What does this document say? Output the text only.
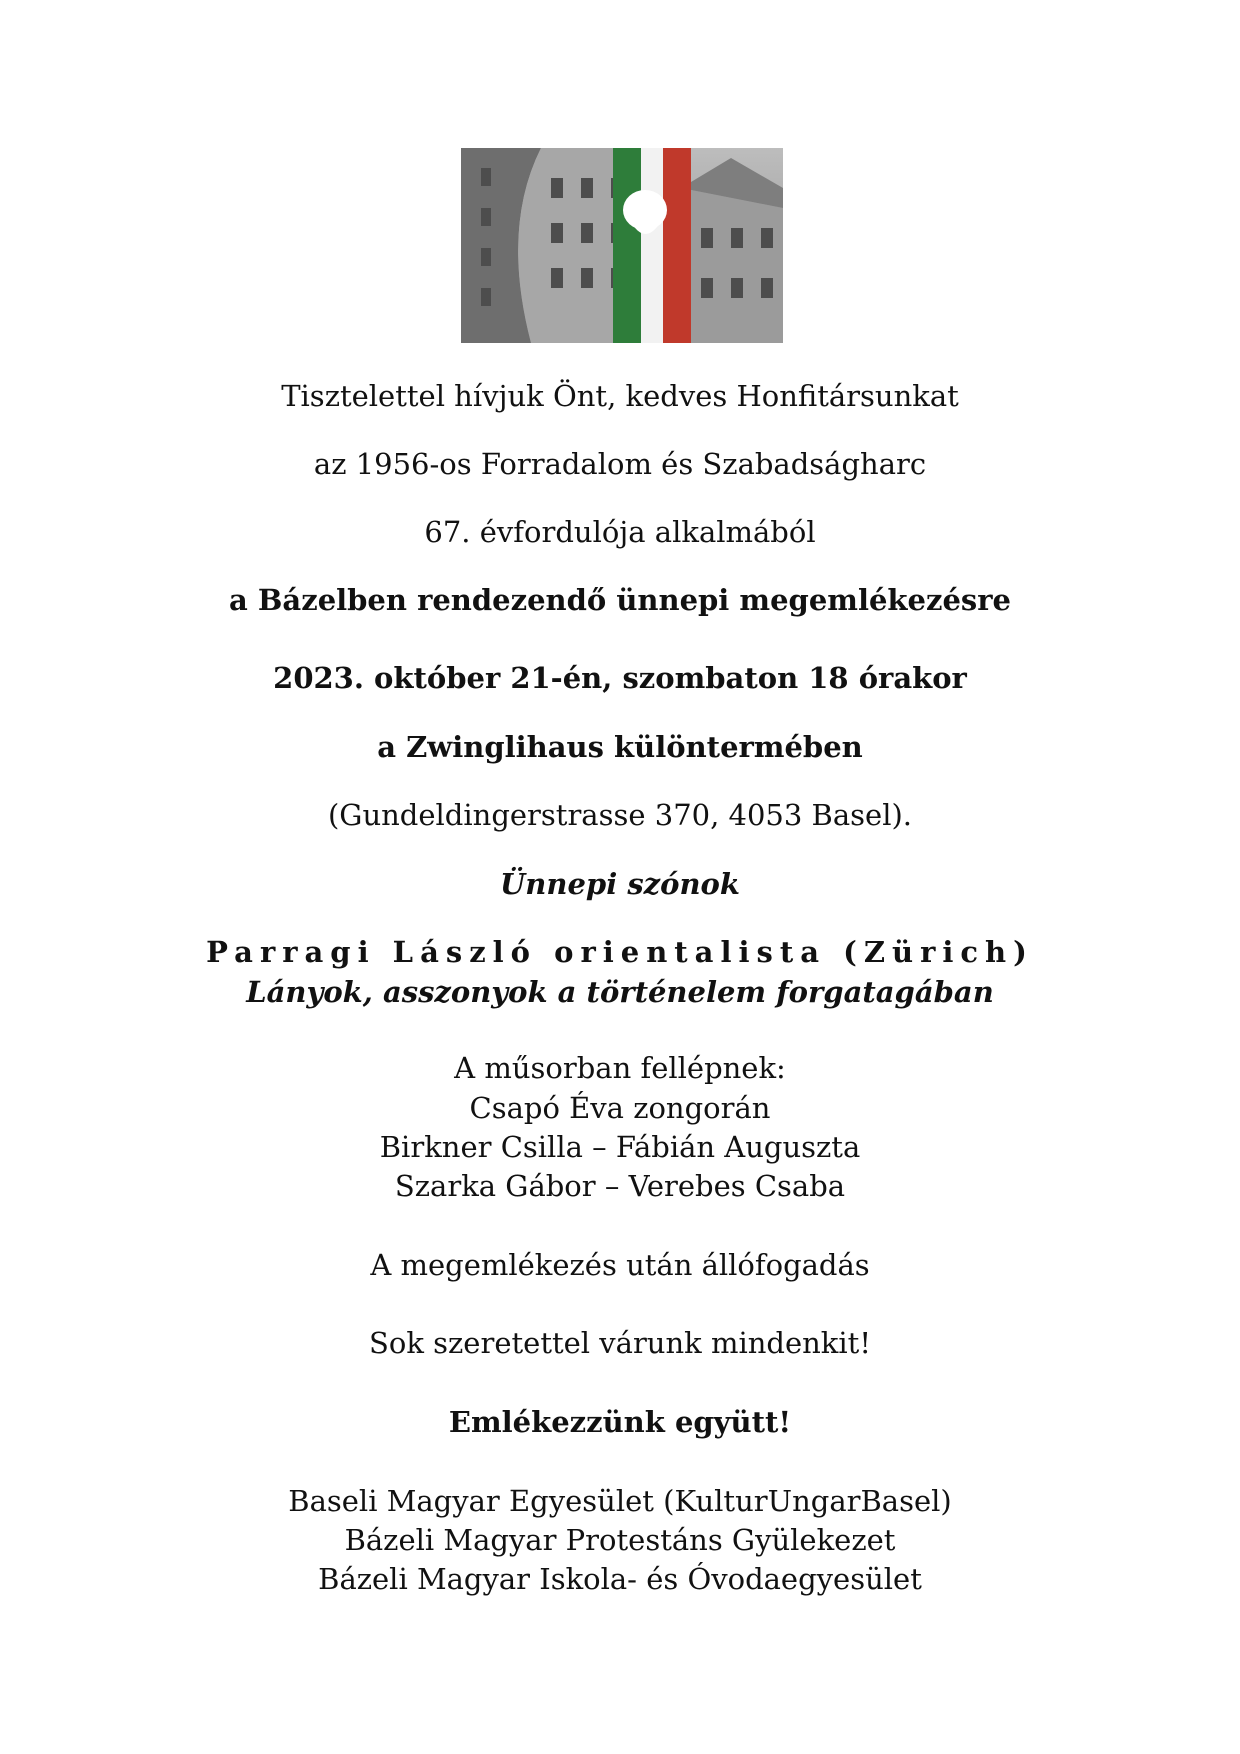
Tisztelettel hívjuk Önt, kedves Honfitársunkat
az 1956-os Forradalom és Szabadságharc
67. évfordulója alkalmából
a Bázelben rendezendő ünnepi megemlékezésre
2023. október 21-én, szombaton 18 órakor
a Zwinglihaus különtermében
(Gundeldingerstrasse 370, 4053 Basel).
Ünnepi szónok
Parragi László orientalista (Zürich)
Lányok, asszonyok a történelem forgatagában
A műsorban fellépnek:
Csapó Éva zongorán
Birkner Csilla – Fábián Auguszta
Szarka Gábor – Verebes Csaba
A megemlékezés után állófogadás
Sok szeretettel várunk mindenkit!
Emlékezzünk együtt!
Baseli Magyar Egyesület (KulturUngarBasel)
Bázeli Magyar Protestáns Gyülekezet
Bázeli Magyar Iskola- és Óvodaegyesület
